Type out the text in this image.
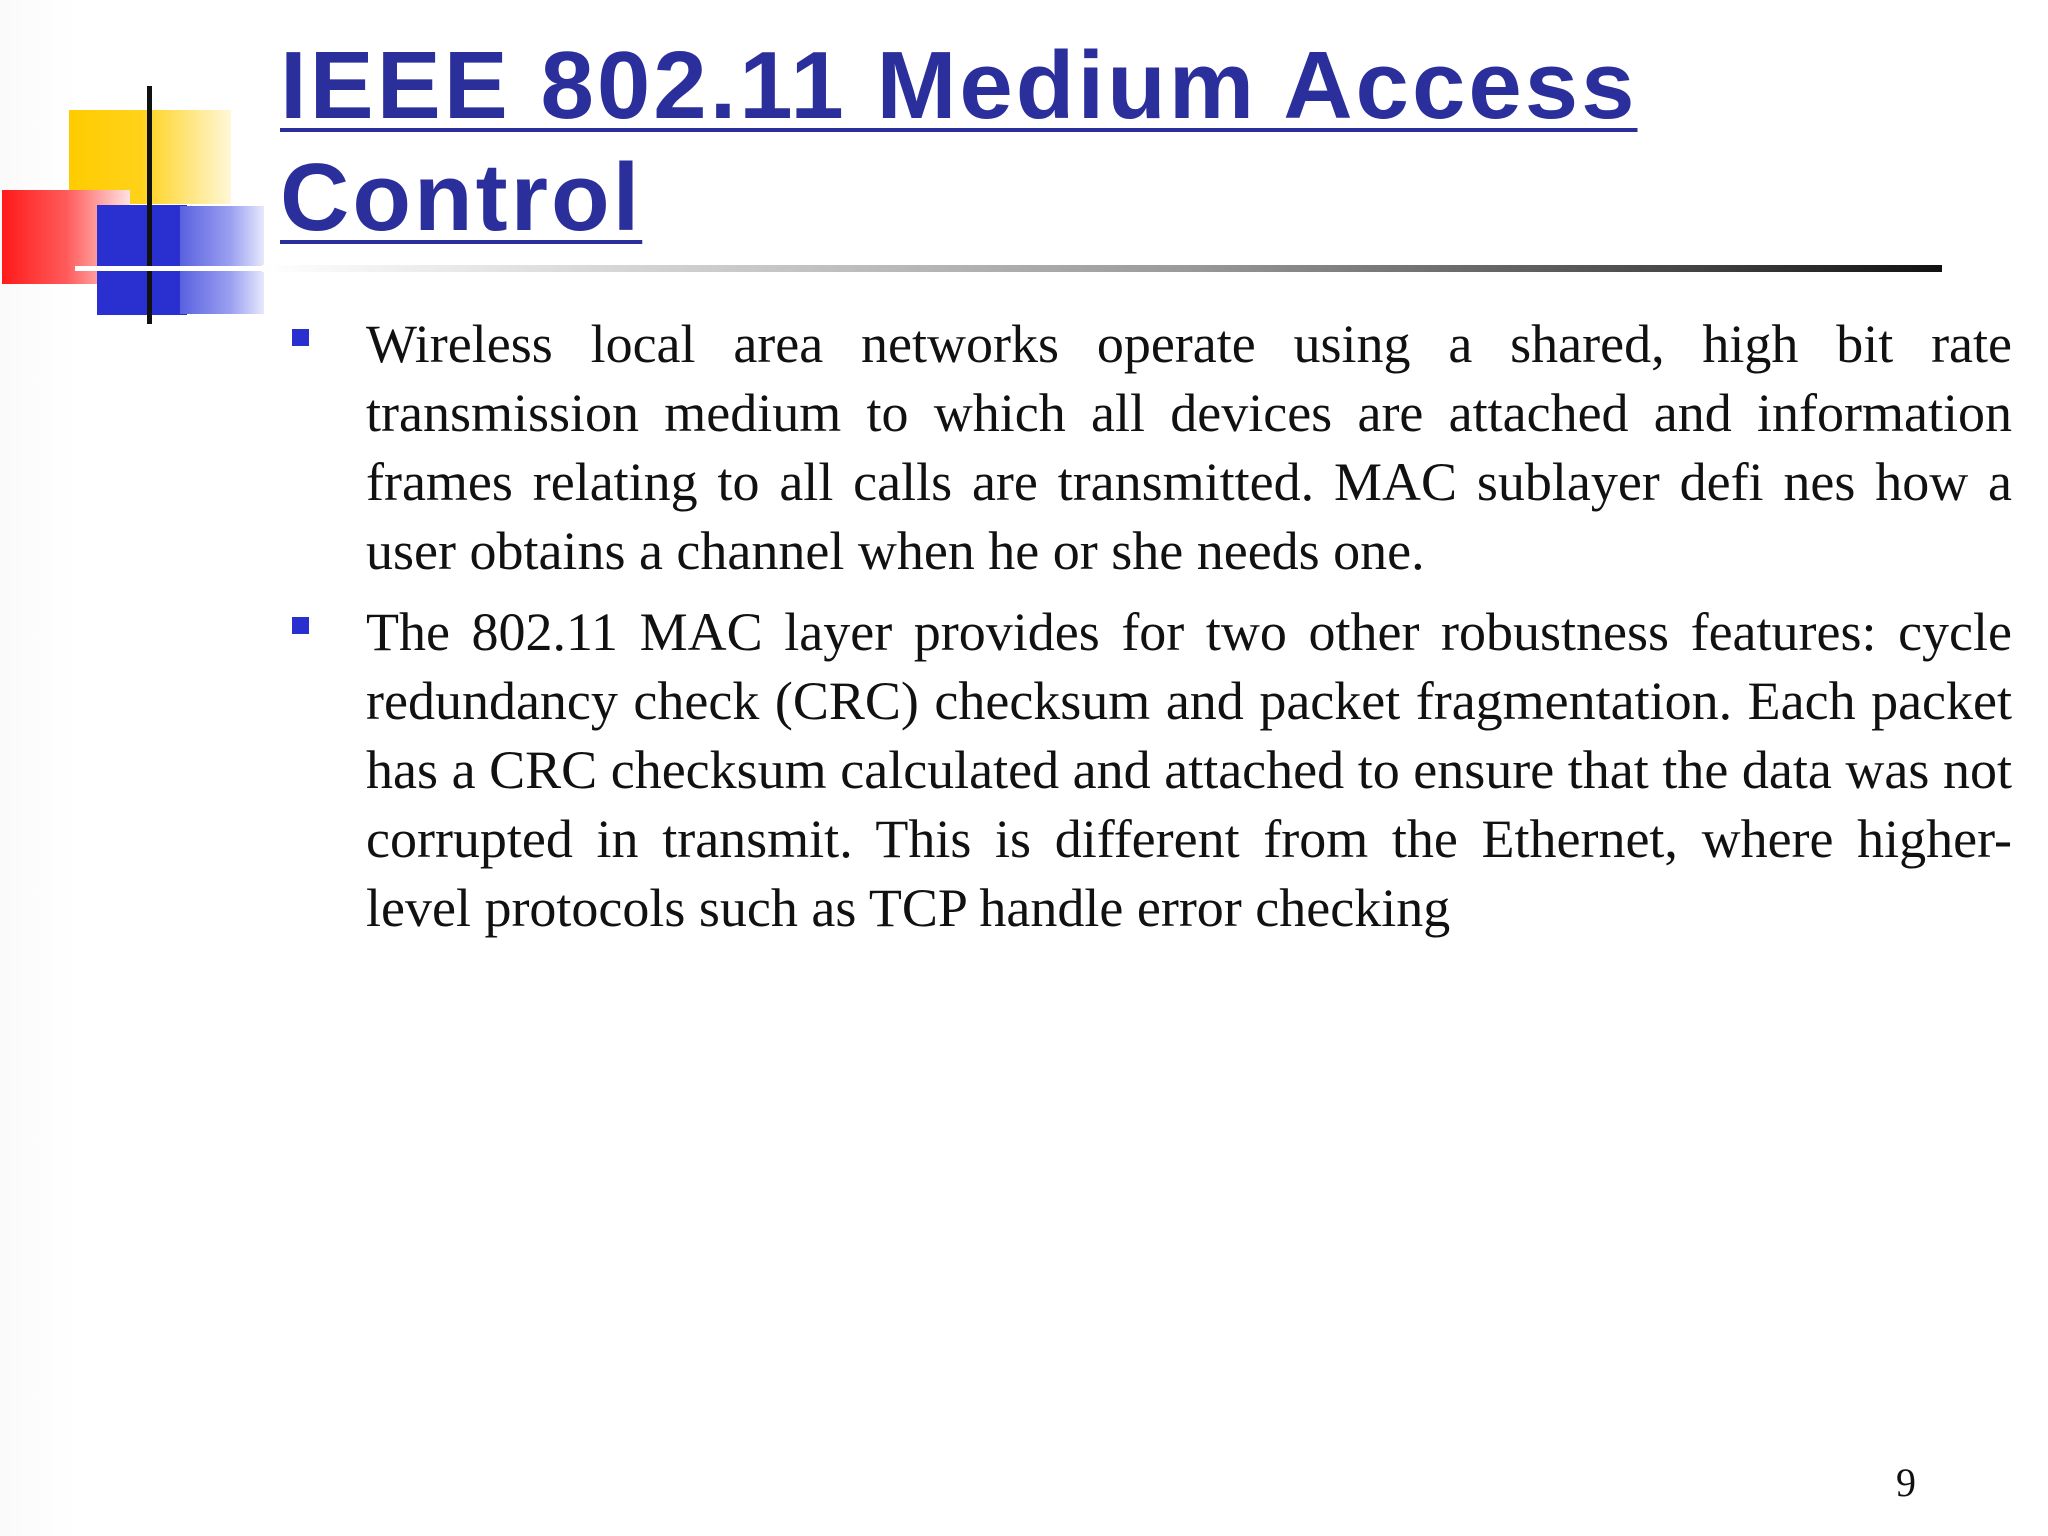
IEEE 802.11 Medium Access Control
Wireless local area networks operate using a shared, high bit rate transmission medium to which all devices are attached and information frames relating to all calls are transmitted. MAC sublayer defi nes how a user obtains a channel when he or she needs one.
The 802.11 MAC layer provides for two other robustness features: cycle redundancy check (CRC) checksum and packet fragmentation. Each packet has a CRC checksum calculated and attached to ensure that the data was not corrupted in transmit. This is different from the Ethernet, where higher-level protocols such as TCP handle error checking
9
